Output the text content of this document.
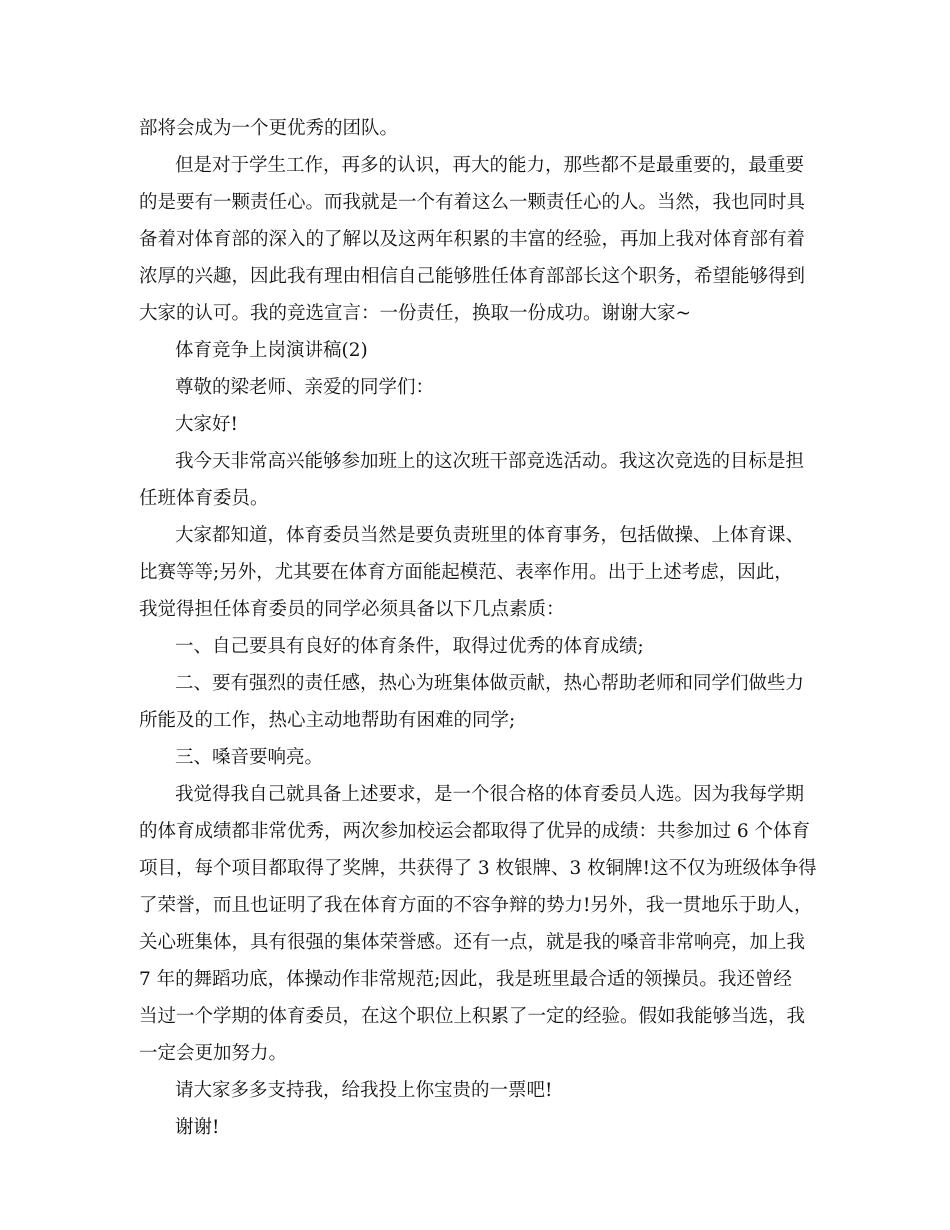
部将会成为一个更优秀的团队。
但是对于学生工作，再多的认识，再大的能力，那些都不是最重要的，最重要
的是要有一颗责任心。而我就是一个有着这么一颗责任心的人。当然，我也同时具
备着对体育部的深入的了解以及这两年积累的丰富的经验，再加上我对体育部有着
浓厚的兴趣，因此我有理由相信自己能够胜任体育部部长这个职务，希望能够得到
大家的认可。我的竞选宣言：一份责任，换取一份成功。谢谢大家~
体育竞争上岗演讲稿(2)
尊敬的梁老师、亲爱的同学们：
大家好!
我今天非常高兴能够参加班上的这次班干部竞选活动。我这次竞选的目标是担
任班体育委员。
大家都知道，体育委员当然是要负责班里的体育事务，包括做操、上体育课、
比赛等等;另外，尤其要在体育方面能起模范、表率作用。出于上述考虑，因此，
我觉得担任体育委员的同学必须具备以下几点素质：
一、自己要具有良好的体育条件，取得过优秀的体育成绩;
二、要有强烈的责任感，热心为班集体做贡献，热心帮助老师和同学们做些力
所能及的工作，热心主动地帮助有困难的同学;
三、嗓音要响亮。
我觉得我自己就具备上述要求，是一个很合格的体育委员人选。因为我每学期
的体育成绩都非常优秀，两次参加校运会都取得了优异的成绩：共参加过 6 个体育
项目，每个项目都取得了奖牌，共获得了 3 枚银牌、3 枚铜牌!这不仅为班级体争得
了荣誉，而且也证明了我在体育方面的不容争辩的势力!另外，我一贯地乐于助人，
关心班集体，具有很强的集体荣誉感。还有一点，就是我的嗓音非常响亮，加上我
7 年的舞蹈功底，体操动作非常规范;因此，我是班里最合适的领操员。我还曾经
当过一个学期的体育委员，在这个职位上积累了一定的经验。假如我能够当选，我
一定会更加努力。
请大家多多支持我，给我投上你宝贵的一票吧!
谢谢!
